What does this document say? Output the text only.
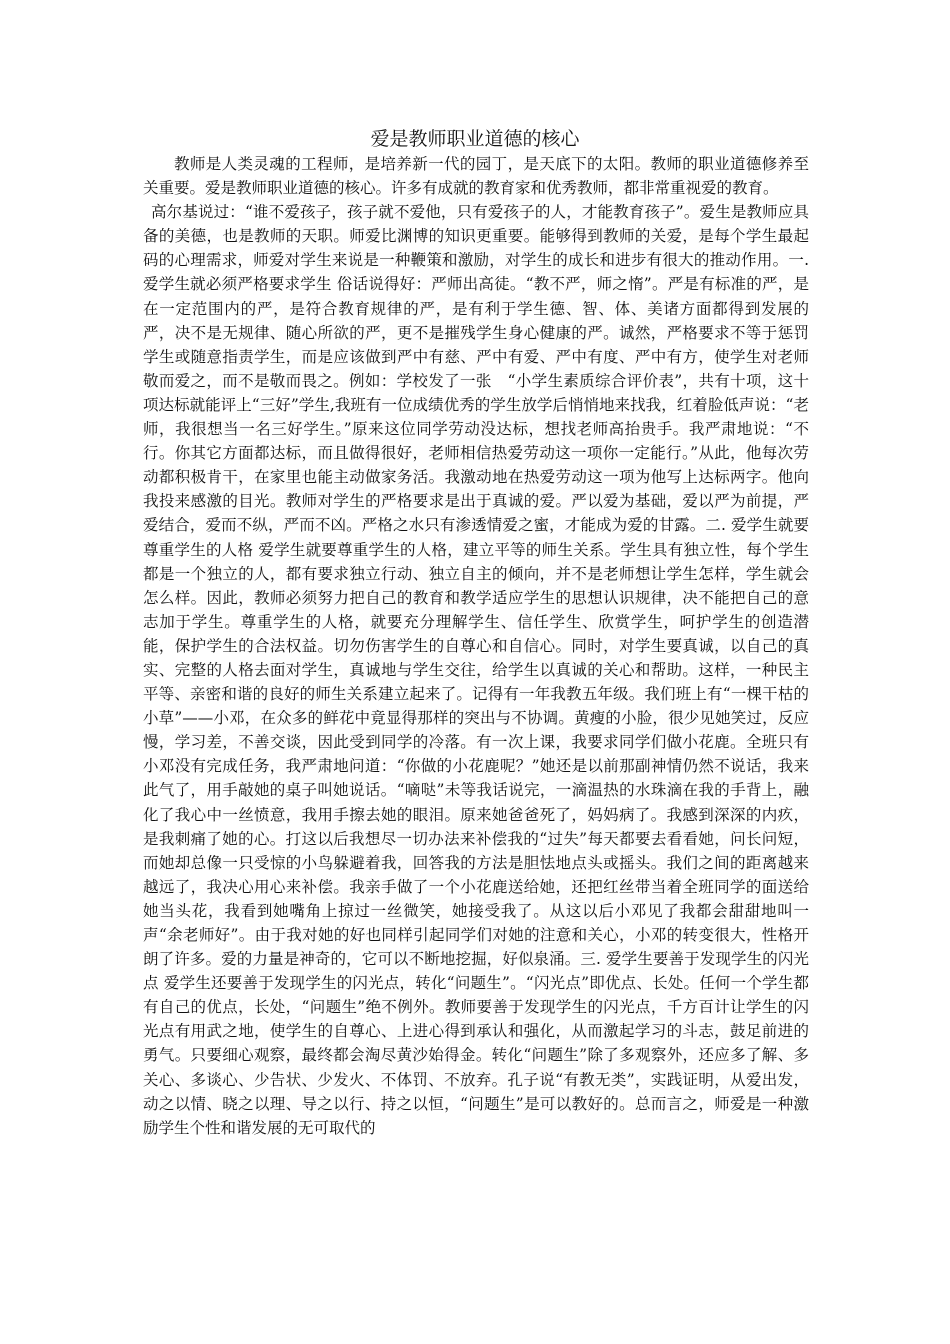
爱是教师职业道德的核心

教师是人类灵魂的工程师，是培养新一代的园丁，是天底下的太阳。教师的职业道德修养至关重要。爱是教师职业道德的核心。许多有成就的教育家和优秀教师，都非常重视爱的教育。

高尔基说过：“谁不爱孩子，孩子就不爱他，只有爱孩子的人，才能教育孩子”。爱生是教师应具备的美德，也是教师的天职。师爱比渊博的知识更重要。能够得到教师的关爱，是每个学生最起码的心理需求，师爱对学生来说是一种鞭策和激励，对学生的成长和进步有很大的推动作用。一. 爱学生就必须严格要求学生 俗话说得好：严师出高徒。“教不严，师之惰”。严是有标准的严，是在一定范围内的严，是符合教育规律的严，是有利于学生德、智、体、美诸方面都得到发展的严，决不是无规律、随心所欲的严，更不是摧残学生身心健康的严。诚然，严格要求不等于惩罚学生或随意指责学生，而是应该做到严中有慈、严中有爱、严中有度、严中有方，使学生对老师敬而爱之，而不是敬而畏之。例如：学校发了一张　“小学生素质综合评价表”，共有十项，这十项达标就能评上“三好”学生,我班有一位成绩优秀的学生放学后悄悄地来找我，红着脸低声说：“老师，我很想当一名三好学生。”原来这位同学劳动没达标，想找老师高抬贵手。我严肃地说：“不行。你其它方面都达标，而且做得很好，老师相信热爱劳动这一项你一定能行。”从此，他每次劳动都积极肯干，在家里也能主动做家务活。我激动地在热爱劳动这一项为他写上达标两字。他向我投来感激的目光。教师对学生的严格要求是出于真诚的爱。严以爱为基础，爱以严为前提，严爱结合，爱而不纵，严而不凶。严格之水只有渗透情爱之蜜，才能成为爱的甘露。二. 爱学生就要尊重学生的人格 爱学生就要尊重学生的人格，建立平等的师生关系。学生具有独立性，每个学生都是一个独立的人，都有要求独立行动、独立自主的倾向，并不是老师想让学生怎样，学生就会怎么样。因此，教师必须努力把自己的教育和教学适应学生的思想认识规律，决不能把自己的意志加于学生。尊重学生的人格，就要充分理解学生、信任学生、欣赏学生，呵护学生的创造潜能，保护学生的合法权益。切勿伤害学生的自尊心和自信心。同时，对学生要真诚，以自己的真实、完整的人格去面对学生，真诚地与学生交往，给学生以真诚的关心和帮助。这样，一种民主平等、亲密和谐的良好的师生关系建立起来了。记得有一年我教五年级。我们班上有“一棵干枯的小草”——小邓，在众多的鲜花中竟显得那样的突出与不协调。黄瘦的小脸，很少见她笑过，反应慢，学习差，不善交谈，因此受到同学的冷落。有一次上课，我要求同学们做小花鹿。全班只有小邓没有完成任务，我严肃地问道：“你做的小花鹿呢？”她还是以前那副神情仍然不说话，我来此气了，用手敲她的桌子叫她说话。“嘀哒”未等我话说完，一滴温热的水珠滴在我的手背上，融化了我心中一丝愤意，我用手擦去她的眼泪。原来她爸爸死了，妈妈病了。我感到深深的内疚，是我刺痛了她的心。打这以后我想尽一切办法来补偿我的“过失”每天都要去看看她，问长问短，而她却总像一只受惊的小鸟躲避着我，回答我的方法是胆怯地点头或摇头。我们之间的距离越来越远了，我决心用心来补偿。我亲手做了一个小花鹿送给她，还把红丝带当着全班同学的面送给她当头花，我看到她嘴角上掠过一丝微笑，她接受我了。从这以后小邓见了我都会甜甜地叫一声“余老师好”。由于我对她的好也同样引起同学们对她的注意和关心，小邓的转变很大，性格开朗了许多。爱的力量是神奇的，它可以不断地挖掘，好似泉涌。三. 爱学生要善于发现学生的闪光点 爱学生还要善于发现学生的闪光点，转化“问题生”。“闪光点”即优点、长处。任何一个学生都有自己的优点，长处，“问题生”绝不例外。教师要善于发现学生的闪光点，千方百计让学生的闪光点有用武之地，使学生的自尊心、上进心得到承认和强化，从而激起学习的斗志，鼓足前进的勇气。只要细心观察，最终都会淘尽黄沙始得金。转化“问题生”除了多观察外，还应多了解、多关心、多谈心、少告状、少发火、不体罚、不放弃。孔子说“有教无类”，实践证明，从爱出发，动之以情、晓之以理、导之以行、持之以恒，“问题生”是可以教好的。总而言之，师爱是一种激励学生个性和谐发展的无可取代的
